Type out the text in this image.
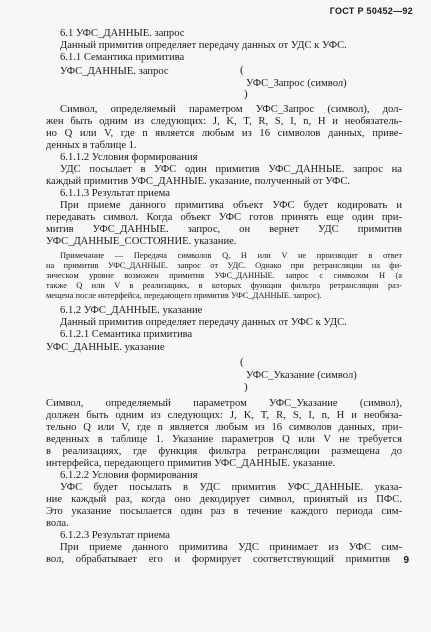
ГОСТ Р 50452—92
6.1 УФС_ДАННЫЕ. запрос
Данный примитив определяет передачу данных от УДС к УФС.
6.1.1 Семантика примитива
УФС_ДАННЫЕ. запрос	(
УФС_Запрос (символ)
)
Символ, определяемый параметром УФС_Запрос (символ), дол-
жен быть одним из следующих: J, K, T, R, S, I, n, H и необязатель-
но Q или V, где n является любым из 16 символов данных, приве-
денных в таблице 1.
6.1.1.2 Условия формирования
УДС посылает в УФС один примитив УФС_ДАННЫЕ. запрос на
каждый примитив УФС_ДАННЫЕ. указание, полученный от УФС.
6.1.1.3 Результат приема
При приеме данного примитива объект УФС будет кодировать и
передавать символ. Когда объект УФС готов принять еще один при-
митив УФС_ДАННЫЕ. запрос, он вернет УДС примитив
УФС_ДАННЫЕ_СОСТОЯНИЕ. указание.
Примечание — Передача символов Q, H или V не производит в ответ
на примитив УФС_ДАННЫЕ. запрос от УДС. Однако при ретрансляции на фи-
зическом уровне возможен примитив УФС_ДАННЫЕ. запрос с символом H (а
также Q или V в реализациях, в которых функция фильтра ретрансляции раз-
мещена после интерфейса, передающего примитив УФС_ДАННЫЕ. запрос).
6.1.2 УФС_ДАННЫЕ. указание
Данный примитив определяет передачу данных от УФС к УДС.
6.1.2.1 Семантика примитива
УФС_ДАННЫЕ. указание
(
УФС_Указание (символ)
)
Символ, определяемый параметром УФС_Указание (символ),
должен быть одним из следующих: J, K, T, R, S, I, n, H и необяза-
тельно Q или V, где n является любым из 16 символов данных, при-
веденных в таблице 1. Указание параметров Q или V не требуется
в реализациях, где функция фильтра ретрансляции размещена до
интерфейса, передающего примитив УФС_ДАННЫЕ. указание.
6.1.2.2 Условия формирования
УФС будет посылать в УДС примитив УФС_ДАННЫЕ. указа-
ние каждый раз, когда оно декодирует символ, принятый из ПФС.
Это указание посылается один раз в течение каждого периода сим-
вола.
6.1.2.3 Результат приема
При приеме данного примитива УДС принимает из УФС сим-
вол, обрабатывает его и формирует соответствующий примитив 9
